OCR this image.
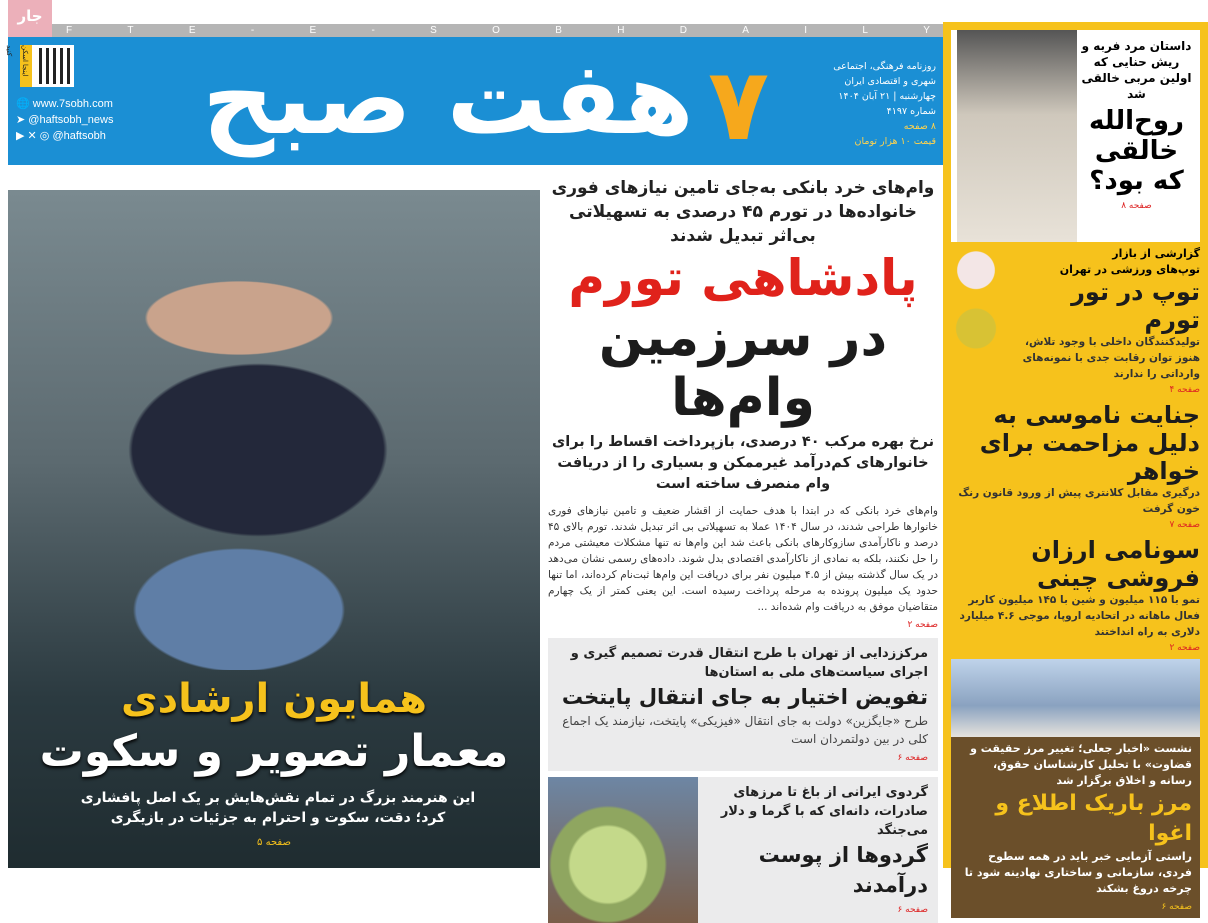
جار
F	T	E	-	E	-	S	O	B	H	D	A	I	L	Y
اینجا اسکن کنید
🌐 www.7sobh.com
➤ @haftsobh_news
▶ ✕ ◎ @haftsobh
روزنامه فرهنگی، اجتماعی
شهری و اقتصادی ایران
چهارشنبه | ۲۱ آبان ۱۴۰۴
شماره ۴۱۹۷
۸ صفحه
قیمت ۱۰ هزار تومان
هفت صبح ۷
همایون ارشادی
معمار تصویر و سکوت
این هنرمند بزرگ در تمام نقش‌هایش بر یک اصل پافشاری کرد؛ دقت، سکوت و احترام به جزئیات در بازیگری
صفحه ۵
وام‌های خرد بانکی به‌جای تامین نیازهای فوری خانواده‌ها در تورم ۴۵ درصدی به تسهیلاتی بی‌اثر تبدیل شدند
پادشاهی تورم
در سرزمین وام‌ها
نرخ بهره مرکب ۴۰ درصدی، بازپرداخت اقساط را برای خانوارهای کم‌درآمد غیرممکن و بسیاری را از دریافت وام منصرف ساخته است
وام‌های خرد بانکی که در ابتدا با هدف حمایت از اقشار ضعیف و تامین نیازهای فوری خانوارها طراحی شدند، در سال ۱۴۰۴ عملا به تسهیلاتی بی اثر تبدیل شدند. تورم بالای ۴۵ درصد و ناکارآمدی سازوکارهای بانکی باعث شد این وام‌ها نه تنها مشکلات معیشتی مردم را حل نکنند، بلکه به نمادی از ناکارآمدی اقتصادی بدل شوند. داده‌های رسمی نشان می‌دهد در یک سال گذشته بیش از ۴.۵ میلیون نفر برای دریافت این وام‌ها ثبت‌نام کرده‌اند، اما تنها حدود یک میلیون پرونده به مرحله پرداخت رسیده است. این یعنی کمتر از یک چهارم متقاضیان موفق به دریافت وام شده‌اند ...
صفحه ۲
مرکززدایی از تهران با طرح انتقال قدرت تصمیم گیری و اجرای سیاست‌های ملی به استان‌ها
تفویض اختیار به جای انتقال پایتخت
طرح «جایگزین» دولت به جای انتقال «فیزیکی» پایتخت، نیازمند یک اجماع کلی در بین دولتمردان است
صفحه ۶
گردوی ایرانی از باغ تا مرزهای صادرات، دانه‌ای که با گرما و دلار می‌جنگد
گردوها از پوست درآمدند
صفحه ۶
داستان مرد فربه و ریش حنایی که اولین مربی خالقی شد
روح‌الله خالقی که بود؟
صفحه ۸
گزارشی از بازار
توپ‌های ورزشی در تهران
توپ در تور تورم
تولیدکنندگان داخلی با وجود تلاش، هنوز توان رقابت جدی با نمونه‌های وارداتی را ندارند
صفحه ۴
جنایت ناموسی به دلیل مزاحمت برای خواهر
درگیری مقابل کلانتری پیش از ورود قانون رنگ خون گرفت
صفحه ۷
سونامی ارزان فروشی چینی
تمو با ۱۱۵ میلیون و شین با ۱۴۵ میلیون کاربر فعال ماهانه در اتحادیه اروپا، موجی ۴.۶ میلیارد دلاری به راه انداختند
صفحه ۲
نشست «اخبار جعلی؛ تغییر مرز حقیقت و قضاوت» با تحلیل کارشناسان حقوق، رسانه و اخلاق برگزار شد
مرز باریک اطلاع و اغوا
راستی آزمایی خبر باید در همه سطوح فردی، سازمانی و ساختاری نهادینه شود تا چرخه دروغ بشکند
صفحه ۶
